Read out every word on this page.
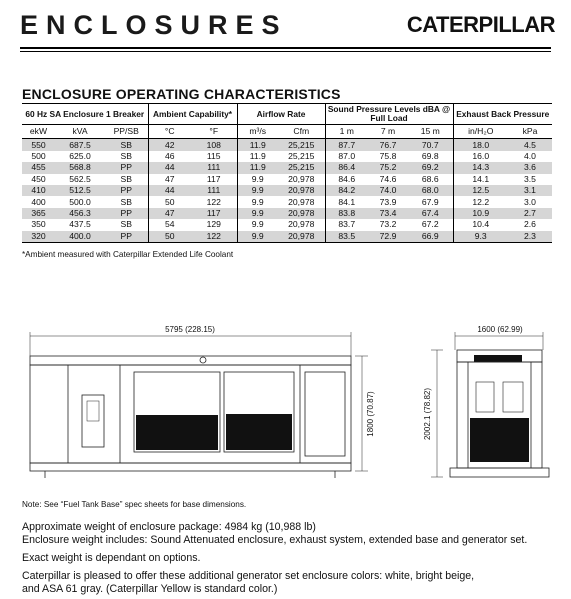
ENCLOSURES	CATERPILLAR
ENCLOSURE OPERATING CHARACTERISTICS
60 Hz SA Enclosure 1 Breaker			Ambient Capability*		Airflow Rate		Sound Pressure Levels dBA @ Full Load			Exhaust Back Pressure	
ekW	kVA	PP/SB	°C	°F	m³/s	Cfm	1 m	7 m	15 m	in/H₂O	kPa
550	687.5	SB	42	108	11.9	25,215	87.7	76.7	70.7	18.0	4.5
500	625.0	SB	46	115	11.9	25,215	87.0	75.8	69.8	16.0	4.0
455	568.8	PP	44	111	11.9	25,215	86.4	75.2	69.2	14.3	3.6
450	562.5	SB	47	117	9.9	20,978	84.6	74.6	68.6	14.1	3.5
410	512.5	PP	44	111	9.9	20,978	84.2	74.0	68.0	12.5	3.1
400	500.0	SB	50	122	9.9	20,978	84.1	73.9	67.9	12.2	3.0
365	456.3	PP	47	117	9.9	20,978	83.8	73.4	67.4	10.9	2.7
350	437.5	SB	54	129	9.9	20,978	83.7	73.2	67.2	10.4	2.6
320	400.0	PP	50	122	9.9	20,978	83.5	72.9	66.9	9.3	2.3
*Ambient measured with Caterpillar Extended Life Coolant
5795 (228.15)
1800 (70.87)
1600 (62.99)
2002.1 (78.82)
Note: See “Fuel Tank Base” spec sheets for base dimensions.
Approximate weight of enclosure package: 4984 kg (10,988 lb)
Enclosure weight includes: Sound Attenuated enclosure, exhaust system, extended base and generator set.
Exact weight is dependant on options.
Caterpillar is pleased to offer these additional generator set enclosure colors: white, bright beige,
and ASA 61 gray. (Caterpillar Yellow is standard color.)
